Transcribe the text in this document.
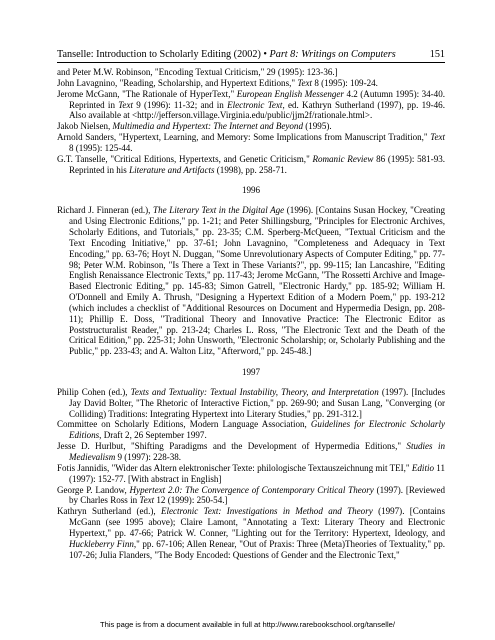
Tanselle: Introduction to Scholarly Editing (2002) • Part 8: Writings on Computers	151

and Peter M.W. Robinson, "Encoding Textual Criticism," 29 (1995): 123-36.]

John Lavagnino, "Reading, Scholarship, and Hypertext Editions," Text 8 (1995): 109-24.

Jerome McGann, "The Rationale of HyperText," European English Messenger 4.2 (Autumn 1995): 34-40. Reprinted in Text 9 (1996): 11-32; and in Electronic Text, ed. Kathryn Sutherland (1997), pp. 19-46. Also available at <http://jefferson.village.Virginia.edu/public/jjm2f/rationale.html>.

Jakob Nielsen, Multimedia and Hypertext: The Internet and Beyond (1995).

Arnold Sanders, "Hypertext, Learning, and Memory: Some Implications from Manuscript Tradition," Text 8 (1995): 125-44.

G.T. Tanselle, "Critical Editions, Hypertexts, and Genetic Criticism," Romanic Review 86 (1995): 581-93. Reprinted in his Literature and Artifacts (1998), pp. 258-71.

1996

Richard J. Finneran (ed.), The Literary Text in the Digital Age (1996). [Contains Susan Hockey, "Creating and Using Electronic Editions," pp. 1-21; and Peter Shillingsburg, "Principles for Electronic Archives, Scholarly Editions, and Tutorials," pp. 23-35; C.M. Sperberg-McQueen, "Textual Criticism and the Text Encoding Initiative," pp. 37-61; John Lavagnino, "Completeness and Adequacy in Text Encoding," pp. 63-76; Hoyt N. Duggan, "Some Unrevolutionary Aspects of Computer Editing," pp. 77-98; Peter W.M. Robinson, "Is There a Text in These Variants?", pp. 99-115; Ian Lancashire, "Editing English Renaissance Electronic Texts," pp. 117-43; Jerome McGann, "The Rossetti Archive and Image-Based Electronic Editing," pp. 145-83; Simon Gatrell, "Electronic Hardy," pp. 185-92; William H. O'Donnell and Emily A. Thrush, "Designing a Hypertext Edition of a Modern Poem," pp. 193-212 (which includes a checklist of "Additional Resources on Document and Hypermedia Design, pp. 208-11); Phillip E. Doss, "Traditional Theory and Innovative Practice: The Electronic Editor as Poststructuralist Reader," pp. 213-24; Charles L. Ross, "The Electronic Text and the Death of the Critical Edition," pp. 225-31; John Unsworth, "Electronic Scholarship; or, Scholarly Publishing and the Public," pp. 233-43; and A. Walton Litz, "Afterword," pp. 245-48.]

1997

Philip Cohen (ed.), Texts and Textuality: Textual Instability, Theory, and Interpretation (1997). [Includes Jay David Bolter, "The Rhetoric of Interactive Fiction," pp. 269-90; and Susan Lang, "Converging (or Colliding) Traditions: Integrating Hypertext into Literary Studies," pp. 291-312.]

Committee on Scholarly Editions, Modern Language Association, Guidelines for Electronic Scholarly Editions, Draft 2, 26 September 1997.

Jesse D. Hurlbut, "Shifting Paradigms and the Development of Hypermedia Editions," Studies in Medievalism 9 (1997): 228-38.

Fotis Jannidis, "Wider das Altern elektronischer Texte: philologische Textauszeichnung mit TEI," Editio 11 (1997): 152-77. [With abstract in English]

George P. Landow, Hypertext 2.0: The Convergence of Contemporary Critical Theory (1997). [Reviewed by Charles Ross in Text 12 (1999): 250-54.]

Kathryn Sutherland (ed.), Electronic Text: Investigations in Method and Theory (1997). [Contains McGann (see 1995 above); Claire Lamont, "Annotating a Text: Literary Theory and Electronic Hypertext," pp. 47-66; Patrick W. Conner, "Lighting out for the Territory: Hypertext, Ideology, and Huckleberry Finn," pp. 67-106; Allen Renear, "Out of Praxis: Three (Meta)Theories of Textuality," pp. 107-26; Julia Flanders, "The Body Encoded: Questions of Gender and the Electronic Text,"

This page is from a document available in full at http://www.rarebookschool.org/tanselle/
